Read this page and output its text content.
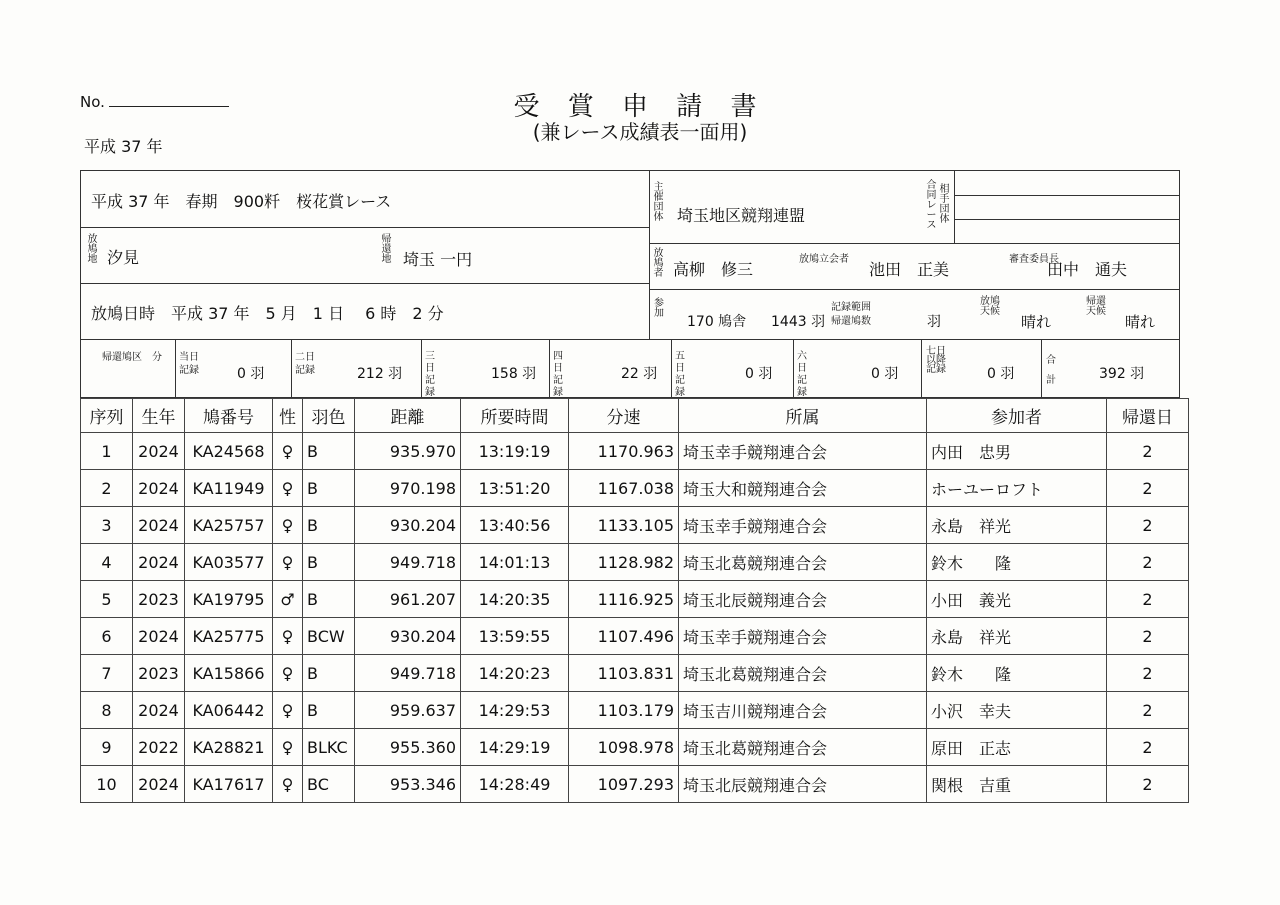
No.
平成 37 年
受 賞 申 請 書
(兼レース成績表一面用)
平成 37 年　春期　900粁　桜花賞レース
主催団体 埼玉地区競翔連盟
合同レース
相手団体
放鳩地 汐見
帰還地 埼玉 一円	放鳩者 高柳　修三
放鳩立会者
池田　正美
審査委員長
田中　通夫
放鳩日時　平成 37 年　5 月　1 日　 6 時　2 分
参加
170 鳩舎 1443 羽
記録範囲
帰還鳩数	羽
放鳩天候
晴れ
帰還天候
晴れ
帰還鳩区　分	当日記録	0 羽
二日記録	212 羽
三日記録
158 羽
四日記録
22 羽
五日記録
0 羽
六日記録
0 羽
七日以降記録	0 羽
合計	392 羽
序列	生年	鳩番号	性	羽色	距離	所要時間	分速	所属	参加者	帰還日
1	2024	KA24568	♀	B	935.970	13:19:19	1170.963	埼玉幸手競翔連合会	内田　忠男	2
2	2024	KA11949	♀	B	970.198	13:51:20	1167.038	埼玉大和競翔連合会	ホーユーロフト	2
3	2024	KA25757	♀	B	930.204	13:40:56	1133.105	埼玉幸手競翔連合会	永島　祥光	2
4	2024	KA03577	♀	B	949.718	14:01:13	1128.982	埼玉北葛競翔連合会	鈴木　　隆	2
5	2023	KA19795	♂	B	961.207	14:20:35	1116.925	埼玉北辰競翔連合会	小田　義光	2
6	2024	KA25775	♀	BCW	930.204	13:59:55	1107.496	埼玉幸手競翔連合会	永島　祥光	2
7	2023	KA15866	♀	B	949.718	14:20:23	1103.831	埼玉北葛競翔連合会	鈴木　　隆	2
8	2024	KA06442	♀	B	959.637	14:29:53	1103.179	埼玉吉川競翔連合会	小沢　幸夫	2
9	2022	KA28821	♀	BLKC	955.360	14:29:19	1098.978	埼玉北葛競翔連合会	原田　正志	2
10	2024	KA17617	♀	BC	953.346	14:28:49	1097.293	埼玉北辰競翔連合会	関根　吉重	2
